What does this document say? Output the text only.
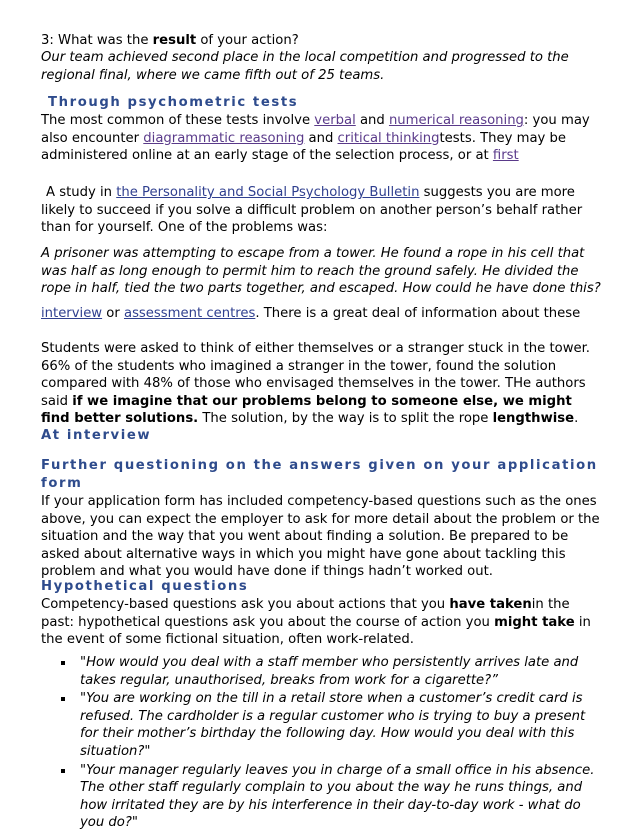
3: What was the result of your action?
Our team achieved second place in the local competition and progressed to the regional final, where we came fifth out of 25 teams.
Through psychometric tests
The most common of these tests involve verbal and numerical reasoning: you may also encounter diagrammatic reasoning and critical thinkingtests. They may be administered online at an early stage of the selection process, or at first
A study in the Personality and Social Psychology Bulletin suggests you are more likely to succeed if you solve a difficult problem on another person’s behalf rather than for yourself. One of the problems was:
A prisoner was attempting to escape from a tower. He found a rope in his cell that was half as long enough to permit him to reach the ground safely. He divided the rope in half, tied the two parts together, and escaped. How could he have done this?
interview or assessment centres. There is a great deal of information about these
Students were asked to think of either themselves or a stranger stuck in the tower. 66% of the students who imagined a stranger in the tower, found the solution compared with 48% of those who envisaged themselves in the tower. THe authors said if we imagine that our problems belong to someone else, we might find better solutions. The solution, by the way is to split the rope lengthwise.
At interview
Further questioning on the answers given on your application form
If your application form has included competency-based questions such as the ones above, you can expect the employer to ask for more detail about the problem or the situation and the way that you went about finding a solution. Be prepared to be asked about alternative ways in which you might have gone about tackling this problem and what you would have done if things hadn’t worked out.
Hypothetical questions
Competency-based questions ask you about actions that you have takenin the past: hypothetical questions ask you about the course of action you might take in the event of some fictional situation, often work-related.
"How would you deal with a staff member who persistently arrives late and takes regular, unauthorised, breaks from work for a cigarette?”
"You are working on the till in a retail store when a customer’s credit card is refused. The cardholder is a regular customer who is trying to buy a present for their mother’s birthday the following day. How would you deal with this situation?"
"Your manager regularly leaves you in charge of a small office in his absence. The other staff regularly complain to you about the way he runs things, and how irritated they are by his interference in their day-to-day work - what do you do?"
